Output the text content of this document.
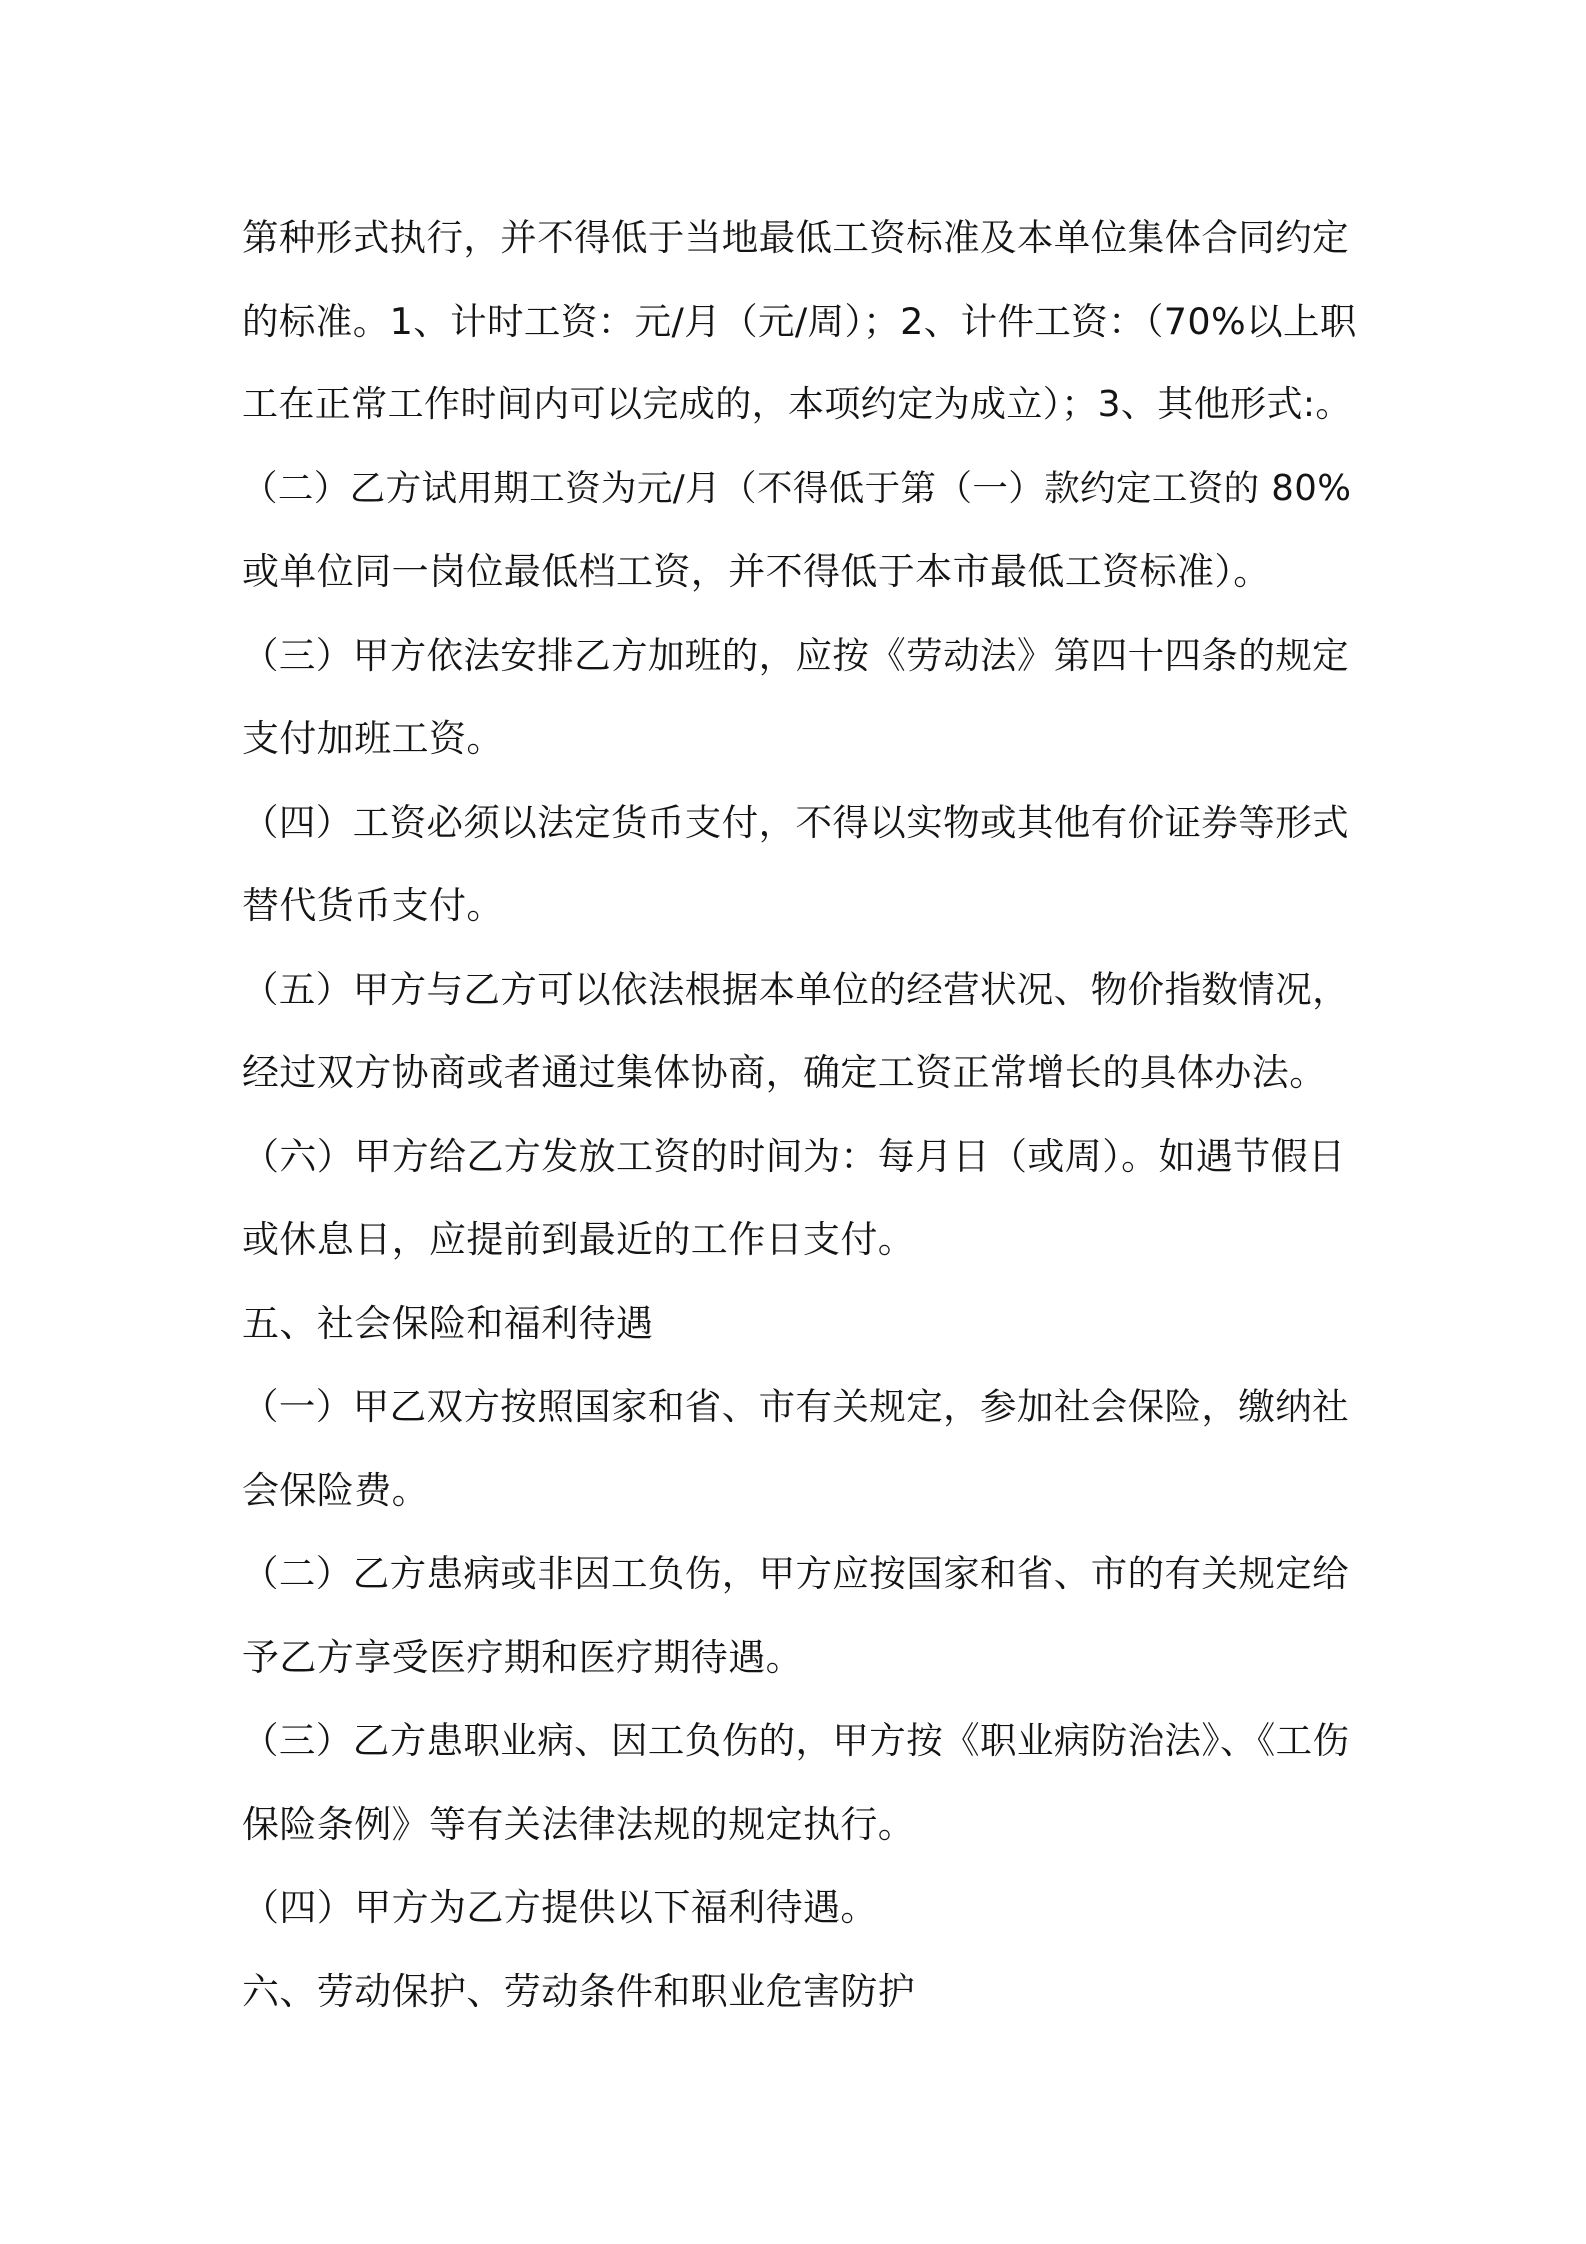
第种形式执行，并不得低于当地最低工资标准及本单位集体合同约定
的标准。1、计时工资：元/月（元/周）；2、计件工资：（70%以上职
工在正常工作时间内可以完成的，本项约定为成立）；3、其他形式:。
（二）乙方试用期工资为元/月（不得低于第（一）款约定工资的 80%
或单位同一岗位最低档工资，并不得低于本市最低工资标准）。
（三）甲方依法安排乙方加班的，应按《劳动法》第四十四条的规定
支付加班工资。
（四）工资必须以法定货币支付，不得以实物或其他有价证券等形式
替代货币支付。
（五）甲方与乙方可以依法根据本单位的经营状况、物价指数情况，
经过双方协商或者通过集体协商，确定工资正常增长的具体办法。
（六）甲方给乙方发放工资的时间为：每月日（或周）。如遇节假日
或休息日，应提前到最近的工作日支付。
五、社会保险和福利待遇
（一）甲乙双方按照国家和省、市有关规定，参加社会保险，缴纳社
会保险费。
（二）乙方患病或非因工负伤，甲方应按国家和省、市的有关规定给
予乙方享受医疗期和医疗期待遇。
（三）乙方患职业病、因工负伤的，甲方按《职业病防治法》、《工伤
保险条例》等有关法律法规的规定执行。
（四）甲方为乙方提供以下福利待遇。
六、劳动保护、劳动条件和职业危害防护
